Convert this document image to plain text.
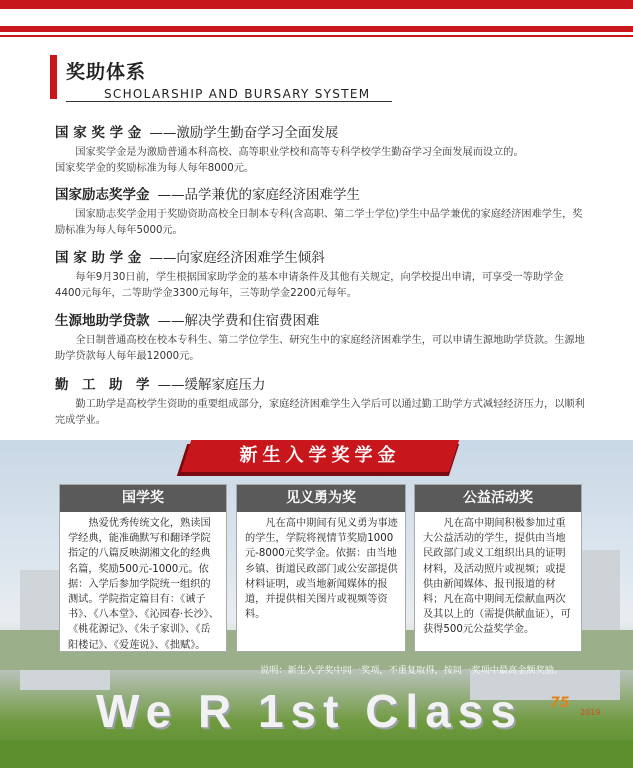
奖助体系
SCHOLARSHIP AND BURSARY SYSTEM
国 家 奖 学 金 ——激励学生勤奋学习全面发展

国家奖学金是为激励普通本科高校、高等职业学校和高等专科学校学生勤奋学习全面发展而设立的。

国家奖学金的奖励标准为每人每年8000元。

国家励志奖学金 ——品学兼优的家庭经济困难学生

国家励志奖学金用于奖励资助高校全日制本专科(含高职、第二学士学位)学生中品学兼优的家庭经济困难学生，奖励标准为每人每年5000元。

国 家 助 学 金 ——向家庭经济困难学生倾斜

每年9月30日前，学生根据国家助学金的基本申请条件及其他有关规定，向学校提出申请，可享受一等助学金4400元每年，二等助学金3300元每年，三等助学金2200元每年。

生源地助学贷款 ——解决学费和住宿费困难

全日制普通高校在校本专科生、第二学位学生、研究生中的家庭经济困难学生，可以申请生源地助学贷款。生源地助学贷款每人每年最12000元。

勤　工　助　学 ——缓解家庭压力

勤工助学是高校学生资助的重要组成部分，家庭经济困难学生入学后可以通过勤工助学方式减轻经济压力，以顺利完成学业。

新生入学奖学金
国学奖
热爱优秀传统文化，熟读国学经典，能准确默写和翻译学院指定的八篇反映湖湘文化的经典名篇，奖励500元-1000元。依据：入学后参加学院统一组织的测试。学院指定篇目有：《诫子书》、《八本堂》、《沁园春·长沙》、《桃花源记》、《朱子家训》、《岳阳楼记》、《爱莲说》、《拙赋》。
见义勇为奖
凡在高中期间有见义勇为事迹的学生，学院将视情节奖励1000元-8000元奖学金。依据：由当地乡镇、街道民政部门或公安部提供材料证明，或当地新闻媒体的报道，并提供相关图片或视频等资料。
公益活动奖
凡在高中期间积极参加过重大公益活动的学生，提供由当地民政部门或义工组织出具的证明材料，及活动照片或视频；或提供由新闻媒体、报刊报道的材料；凡在高中期间无偿献血两次及其以上的（需提供献血证），可获得500元公益奖学金。
说明：新生入学奖中同一奖项，不重复取得，按同一奖项中最高金额奖励。
We R 1st Class 75
2019
